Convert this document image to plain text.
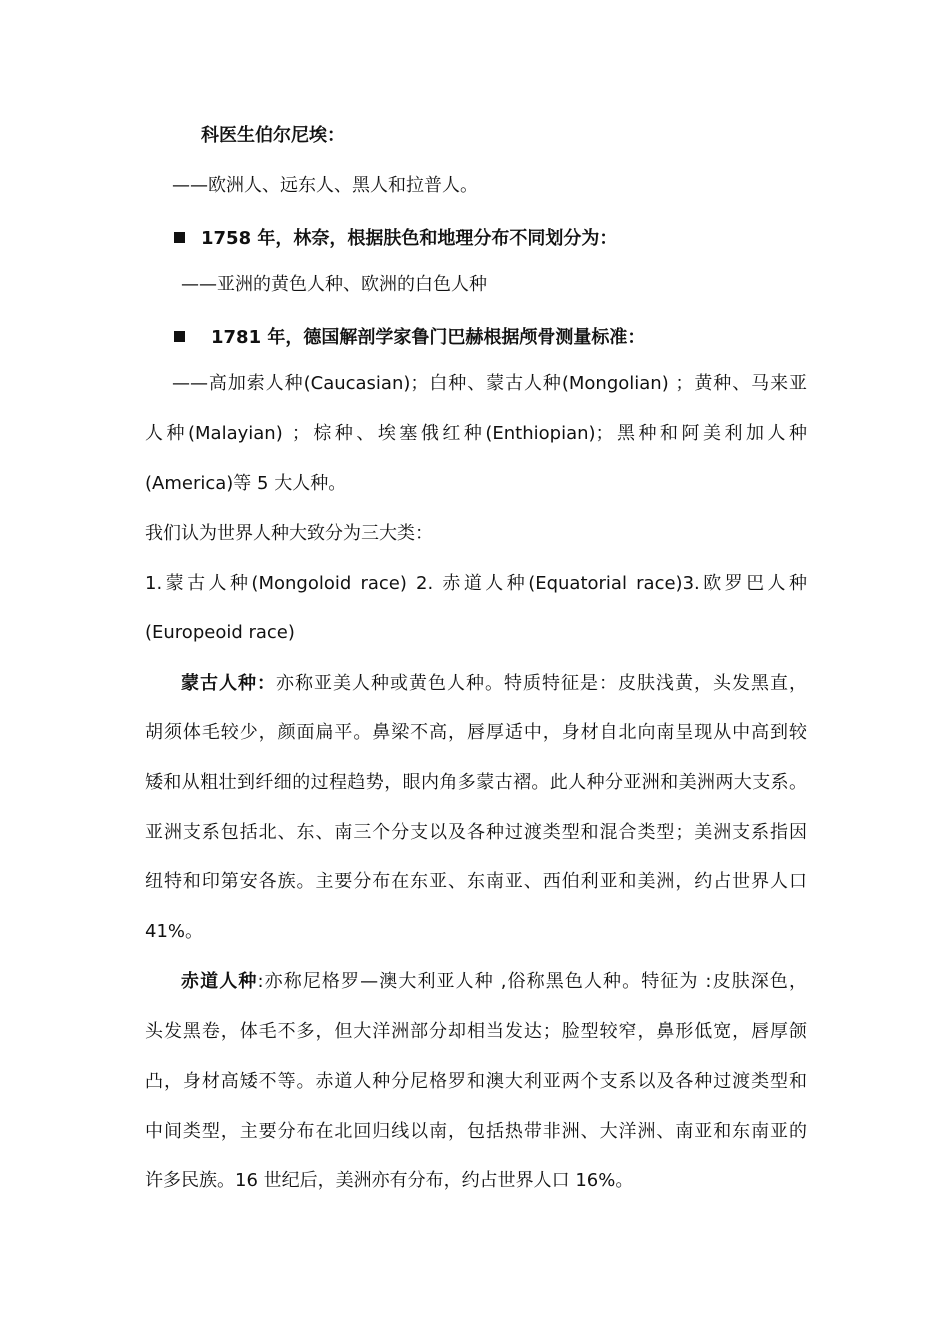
科医生伯尔尼埃：
——欧洲人、远东人、黑人和拉普人。
1758 年，林奈，根据肤色和地理分布不同划分为：
——亚洲的黄色人种、欧洲的白色人种
1781 年，德国解剖学家鲁门巴赫根据颅骨测量标准：
——高加索人种(Caucasian)；白种、蒙古人种(Mongolian) ；黄种、马来亚
人种(Malayian) ；棕种、埃塞俄红种(Enthiopian)；黑种和阿美利加人种
(America)等 5 大人种。
我们认为世界人种大致分为三大类：
1.蒙古人种(Mongoloid race) 2. 赤道人种(Equatorial race)3.欧罗巴人种
(Europeoid race)
蒙古人种：亦称亚美人种或黄色人种。特质特征是：皮肤浅黄，头发黑直，
胡须体毛较少，颜面扁平。鼻梁不高，唇厚适中，身材自北向南呈现从中高到较
矮和从粗壮到纤细的过程趋势，眼内角多蒙古褶。此人种分亚洲和美洲两大支系。
亚洲支系包括北、东、南三个分支以及各种过渡类型和混合类型；美洲支系指因
纽特和印第安各族。主要分布在东亚、东南亚、西伯利亚和美洲，约占世界人口
41%。
赤道人种:亦称尼格罗—澳大利亚人种 ,俗称黑色人种。特征为 :皮肤深色，
头发黑卷，体毛不多，但大洋洲部分却相当发达；脸型较窄，鼻形低宽，唇厚颌
凸，身材高矮不等。赤道人种分尼格罗和澳大利亚两个支系以及各种过渡类型和
中间类型，主要分布在北回归线以南，包括热带非洲、大洋洲、南亚和东南亚的
许多民族。16 世纪后，美洲亦有分布，约占世界人口 16%。
